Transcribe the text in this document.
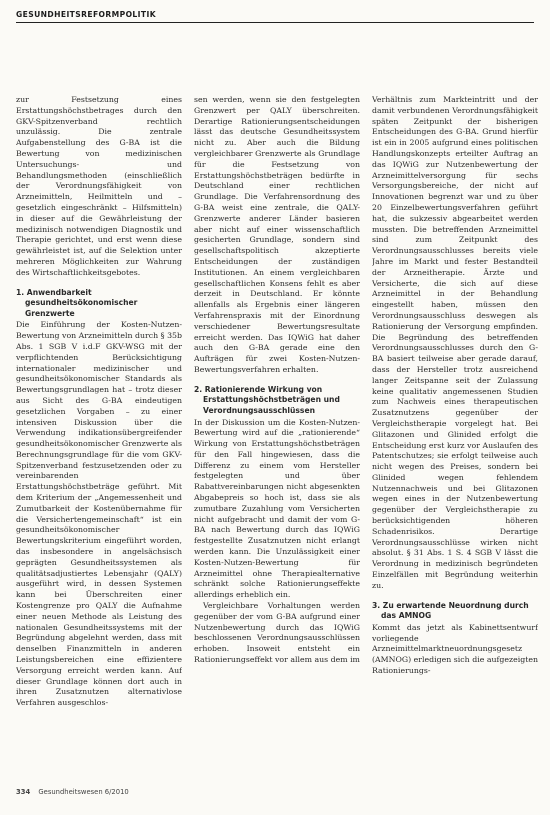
GESUNDHEITSREFORMPOLITIK

zur Festsetzung eines Erstattungshöchstbetrages durch den GKV-Spitzenverband rechtlich unzulässig. Die zentrale Aufgabenstellung des G-BA ist die Bewertung von medizinischen Untersuchungs- und Behandlungsmethoden (einschließlich der Verordnungsfähigkeit von Arzneimitteln, Heilmitteln und – gesetzlich eingeschränkt – Hilfsmitteln) in dieser auf die Gewährleistung der medizinisch notwendigen Diagnostik und Therapie gerichtet, und erst wenn diese gewährleistet ist, auf die Selektion unter mehreren Möglichkeiten zur Wahrung des Wirtschaftlichkeitsgebotes.

1. Anwendbarkeit gesundheitsökonomischer Grenzwerte

Die Einführung der Kosten-Nutzen-Bewertung von Arzneimitteln durch § 35b Abs. 1 SGB V i.d.F GKV-WSG mit der verpflichtenden Berücksichtigung internationaler medizinischer und gesundheitsökonomischer Standards als Bewertungsgrundlagen hat – trotz dieser aus Sicht des G-BA eindeutigen gesetzlichen Vorgaben – zu einer intensiven Diskussion über die Verwendung indikationsübergreifender gesundheitsökonomischer Grenzwerte als Berechnungsgrundlage für die vom GKV-Spitzenverband festzusetzenden oder zu vereinbarenden Erstattungshöchstbeträge geführt. Mit dem Kriterium der „Angemessenheit und Zumutbarkeit der Kostenübernahme für die Versichertengemeinschaft“ ist ein gesundheitsökonomischer Bewertungskriterium eingeführt worden, das insbesondere in angelsächsisch geprägten Gesundheitssystemen als qualitätsadjustiertes Lebensjahr (QALY) ausgeführt wird, in dessen Systemen kann bei Überschreiten einer Kostengrenze pro QALY die Aufnahme einer neuen Methode als Leistung des nationalen Gesundheitssystems mit der Begründung abgelehnt werden, dass mit denselben Finanzmitteln in anderen Leistungsbereichen eine effizientere Versorgung erreicht werden kann. Auf dieser Grundlage können dort auch in ihren Zusatznutzen alternativlose Verfahren ausgeschlos-

sen werden, wenn sie den festgelegten Grenzwert per QALY überschreiten. Derartige Rationierungsentscheidungen lässt das deutsche Gesundheitssystem nicht zu. Aber auch die Bildung vergleichbarer Grenzwerte als Grundlage für die Festsetzung von Erstattungshöchstbeträgen bedürfte in Deutschland einer rechtlichen Grundlage. Die Verfahrensordnung des G-BA weist eine zentrale, die QALY-Grenzwerte anderer Länder basieren aber nicht auf einer wissenschaftlich gesicherten Grundlage, sondern sind gesellschaftspolitisch akzeptierte Entscheidungen der zuständigen Institutionen. An einem vergleichbaren gesellschaftlichen Konsens fehlt es aber derzeit in Deutschland. Er könnte allenfalls als Ergebnis einer längeren Verfahrenspraxis mit der Einordnung verschiedener Bewertungsresultate erreicht werden. Das IQWiG hat daher auch den G-BA gerade eine den Aufträgen für zwei Kosten-Nutzen-Bewertungsverfahren erhalten.

2. Rationierende Wirkung von Erstattungshöchstbeträgen und Verordnungsausschlüssen

In der Diskussion um die Kosten-Nutzen-Bewertung wird auf die „rationierende“ Wirkung von Erstattungshöchstbeträgen für den Fall hingewiesen, dass die Differenz zu einem vom Hersteller festgelegten und über Rabattvereinbarungen nicht abgesenkten Abgabepreis so hoch ist, dass sie als zumutbare Zuzahlung vom Versicherten nicht aufgebracht und damit der vom G-BA nach Bewertung durch das IQWiG festgestellte Zusatznutzen nicht erlangt werden kann. Die Unzulässigkeit einer Kosten-Nutzen-Bewertung für Arzneimittel ohne Therapiealternative schränkt solche Rationierungseffekte allerdings erheblich ein.

Vergleichbare Vorhaltungen werden gegenüber der vom G-BA aufgrund einer Nutzenbewertung durch das IQWiG beschlossenen Verordnungsausschlüssen erhoben. Insoweit entsteht ein Rationierungseffekt vor allem aus dem im

Verhältnis zum Markteintritt und der damit verbundenen Verordnungsfähigkeit späten Zeitpunkt der bisherigen Entscheidungen des G-BA. Grund hierfür ist ein in 2005 aufgrund eines politischen Handlungskonzepts erteilter Auftrag an das IQWiG zur Nutzenbewertung der Arzneimittelversorgung für sechs Versorgungsbereiche, der nicht auf Innovationen begrenzt war und zu über 20 Einzelbewertungsverfahren geführt hat, die sukzessiv abgearbeitet werden mussten. Die betreffenden Arzneimittel sind zum Zeitpunkt des Verordnungsausschlusses bereits viele Jahre im Markt und fester Bestandteil der Arzneitherapie. Ärzte und Versicherte, die sich auf diese Arzneimittel in der Behandlung eingestellt haben, müssen den Verordnungsausschluss deswegen als Rationierung der Versorgung empfinden. Die Begründung des betreffenden Verordnungsausschlusses durch den G-BA basiert teilweise aber gerade darauf, dass der Hersteller trotz ausreichend langer Zeitspanne seit der Zulassung keine qualitativ angemessenen Studien zum Nachweis eines therapeutischen Zusatznutzens gegenüber der Vergleichstherapie vorgelegt hat. Bei Glitazonen und Glinided erfolgt die Entscheidung erst kurz vor Auslaufen des Patentschutzes; sie erfolgt teilweise auch nicht wegen des Preises, sondern bei Glinided wegen fehlendem Nutzennachweis und bei Glitazonen wegen eines in der Nutzenbewertung gegenüber der Vergleichstherapie zu berücksichtigenden höheren Schadenrisikos. Derartige Verordnungsausschlüsse wirken nicht absolut. § 31 Abs. 1 S. 4 SGB V lässt die Verordnung in medizinisch begründeten Einzelfällen mit Begründung weiterhin zu.

3. Zu erwartende Neuordnung durch das AMNOG

Kommt das jetzt als Kabinettsentwurf vorliegende Arzneimittelmarktneuordnungsgesetz (AMNOG) erledigen sich die aufgezeigten Rationierungs-

334 Gesundheitswesen 6/2010
